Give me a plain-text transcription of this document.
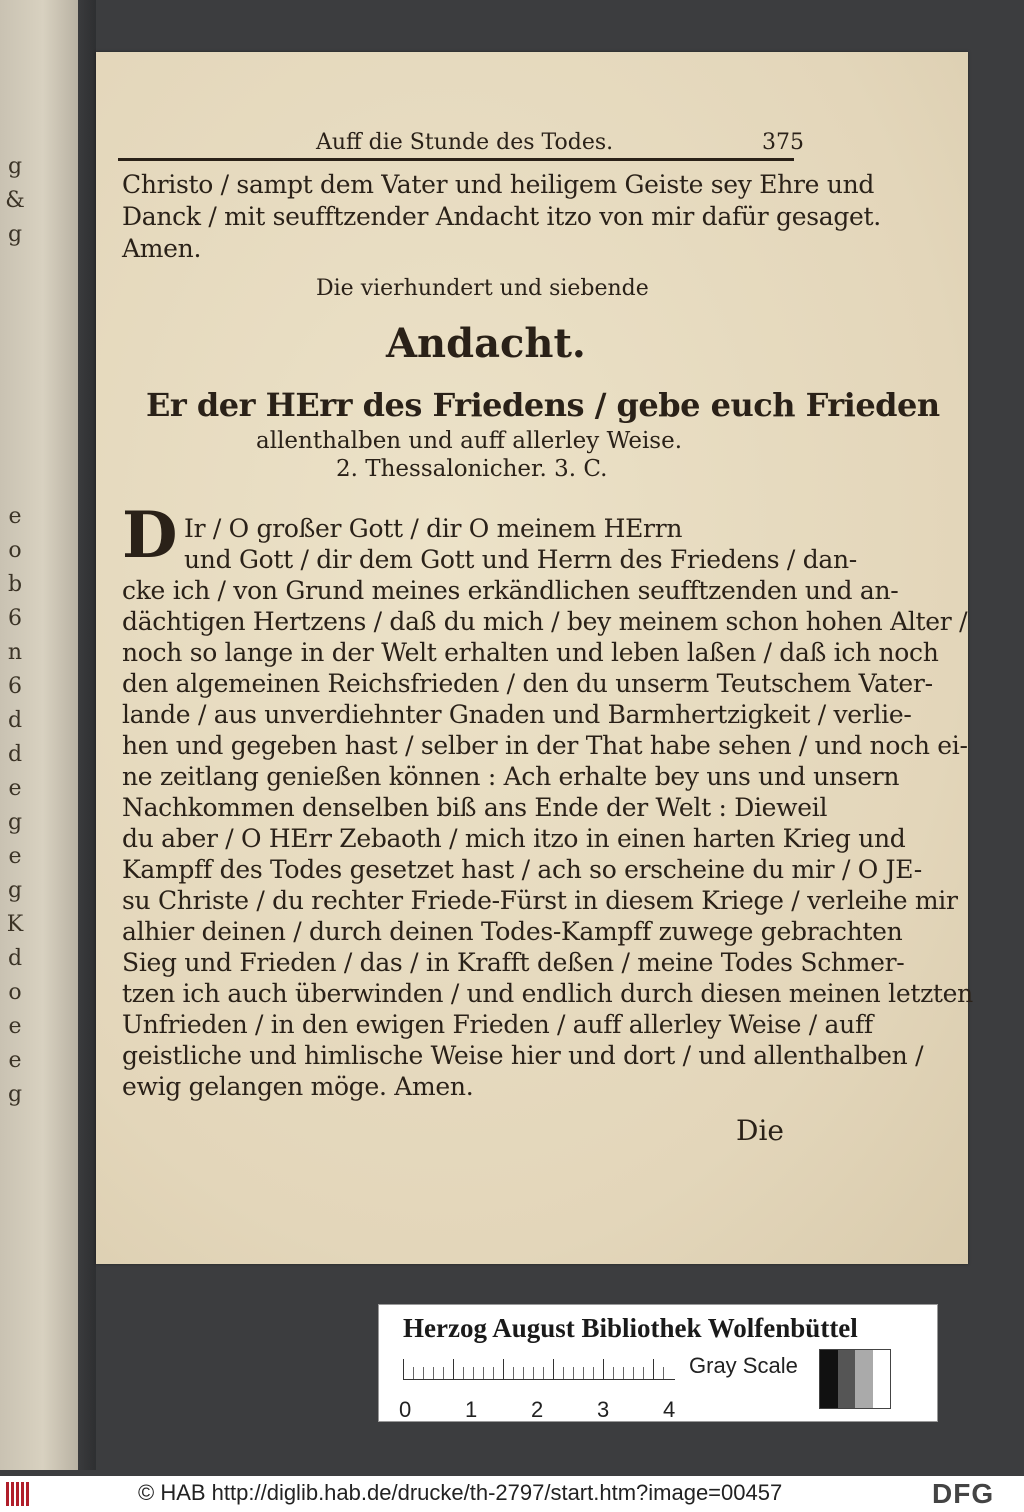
g
&
g
e
o
b
6
n
6
d
d
e
g
e
g
K
d
o
e
e
g
Auff die Stunde des Todes.	375
Christo / sampt dem Vater und heiligem Geiste sey Ehre und
Danck / mit seufftzender Andacht itzo von mir dafür gesaget.
Amen.
Die vierhundert und siebende
Andacht.
Er der HErr des Friedens / gebe euch Frieden
allenthalben und auff allerley Weise.
2. Thessalonicher. 3. C.
D Ir / O großer Gott / dir O meinem HErrn
und Gott / dir dem Gott und Herrn des Friedens / dan-
cke ich / von Grund meines erkändlichen seufftzenden und an-
dächtigen Hertzens / daß du mich / bey meinem schon hohen Alter /
noch so lange in der Welt erhalten und leben laßen / daß ich noch
den algemeinen Reichsfrieden / den du unserm Teutschem Vater-
lande / aus unverdiehnter Gnaden und Barmhertzigkeit / verlie-
hen und gegeben hast / selber in der That habe sehen / und noch ei-
ne zeitlang genießen können : Ach erhalte bey uns und unsern
Nachkommen denselben biß ans Ende der Welt : Dieweil
du aber / O HErr Zebaoth / mich itzo in einen harten Krieg und
Kampff des Todes gesetzet hast / ach so erscheine du mir / O JE-
su Christe / du rechter Friede-Fürst in diesem Kriege / verleihe mir
alhier deinen / durch deinen Todes-Kampff zuwege gebrachten
Sieg und Frieden / das / in Krafft deßen / meine Todes Schmer-
tzen ich auch überwinden / und endlich durch diesen meinen letzten
Unfrieden / in den ewigen Frieden / auff allerley Weise / auff
geistliche und himlische Weise hier und dort / und allenthalben /
ewig gelangen möge. Amen.
Die
Herzog August Bibliothek Wolfenbüttel
0 1 2 3 4
Gray Scale
© HAB http://diglib.hab.de/drucke/th-2797/start.htm?image=00457	DFG
